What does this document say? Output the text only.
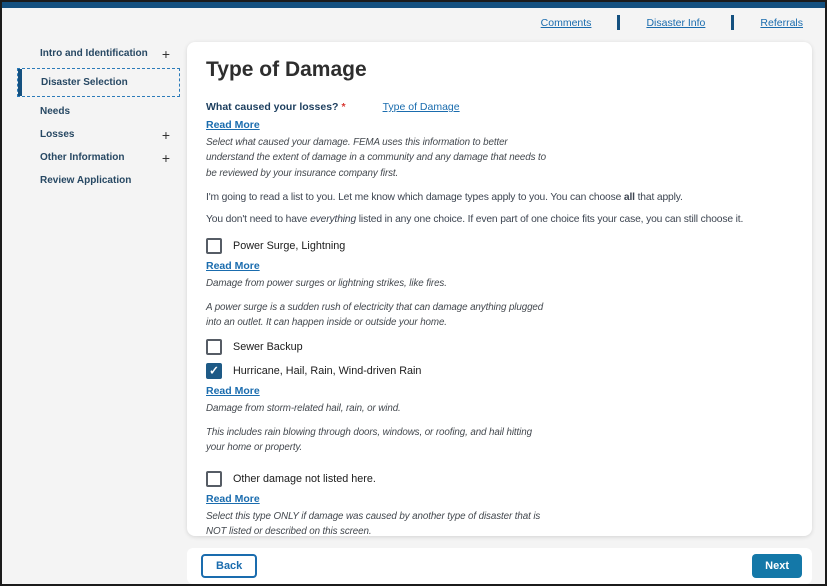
Comments	Disaster Info	Referrals
Intro and Identification +
Disaster Selection
Needs
Losses	+
Other Information	+
Review Application
Type of Damage
What caused your losses? *	Type of Damage
Read More
Select what caused your damage. FEMA uses this information to better
understand the extent of damage in a community and any damage that needs to
be reviewed by your insurance company first.
I'm going to read a list to you. Let me know which damage types apply to you. You can choose all that apply.
You don't need to have everything listed in any one choice. If even part of one choice fits your case, you can still choose it.
Power Surge, Lightning
Read More
Damage from power surges or lightning strikes, like fires.
A power surge is a sudden rush of electricity that can damage anything plugged
into an outlet. It can happen inside or outside your home.
Sewer Backup
✓
Hurricane, Hail, Rain, Wind-driven Rain
Read More
Damage from storm-related hail, rain, or wind.
This includes rain blowing through doors, windows, or roofing, and hail hitting
your home or property.
Other damage not listed here.
Read More
Select this type ONLY if damage was caused by another type of disaster that is
NOT listed or described on this screen.
Back	Next
